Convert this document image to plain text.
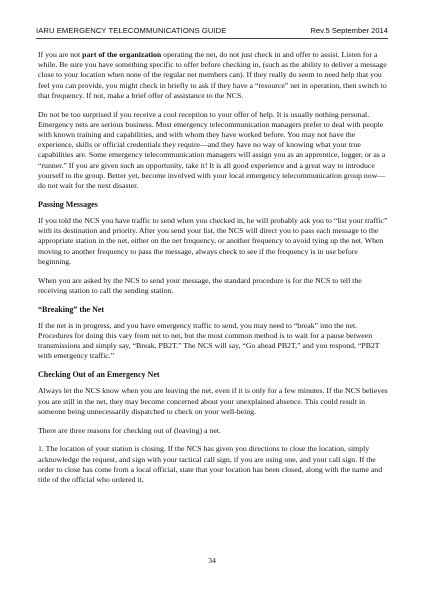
IARU EMERGENCY TELECOMMUNICATIONS GUIDE	Rev.5 September 2014

If you are not part of the organization operating the net, do not just check in and offer to assist. Listen for a while. Be sure you have something specific to offer before checking in, (such as the ability to deliver a message close to your location when none of the regular net members can). If they really do seem to need help that you feel you can provide, you might check in briefly to ask if they have a “resource” net in operation, then switch to that frequency. If not, make a brief offer of assistance to the NCS.

Do not be too surprised if you receive a cool reception to your offer of help. It is usually nothing personal. Emergency nets are serious business. Most emergency telecommunication managers prefer to deal with people with known training and capabilities, and with whom they have worked before. You may not have the experience, skills or official credentials they require—and they have no way of knowing what your true capabilities are. Some emergency telecommunication managers will assign you as an apprentice, logger, or as a “runner.” If you are given such an opportunity, take it! It is all good experience and a great way to introduce yourself to the group. Better yet, become involved with your local emergency telecommunication group now—do not wait for the next disaster.

Passing Messages

If you told the NCS you have traffic to send when you checked in, he will probably ask you to “list your traffic” with its destination and priority. After you send your list, the NCS will direct you to pass each message to the appropriate station in the net, either on the net frequency, or another frequency to avoid tying up the net. When moving to another frequency to pass the message, always check to see if the frequency is in use before beginning.

When you are asked by the NCS to send your message, the standard procedure is for the NCS to tell the receiving station to call the sending station.

“Breaking” the Net

If the net is in progress, and you have emergency traffic to send, you may need to “break” into the net. Procedures for doing this vary from net to net, but the most common method is to wait for a pause between transmissions and simply say, “Break, PB2T.” The NCS will say, “Go ahead PB2T,” and you respond, “PB2T with emergency traffic.”

Checking Out of an Emergency Net

Always let the NCS know when you are leaving the net, even if it is only for a few minutes. If the NCS believes you are still in the net, they may become concerned about your unexplained absence. This could result in someone being unnecessarily dispatched to check on your well-being.

There are three reasons for checking out of (leaving) a net.

1. The location of your station is closing. If the NCS has given you directions to close the location, simply acknowledge the request, and sign with your tactical call sign, if you are using one, and your call sign. If the order to close has come from a local official, state that your location has been closed, along with the name and title of the official who ordered it,

34
